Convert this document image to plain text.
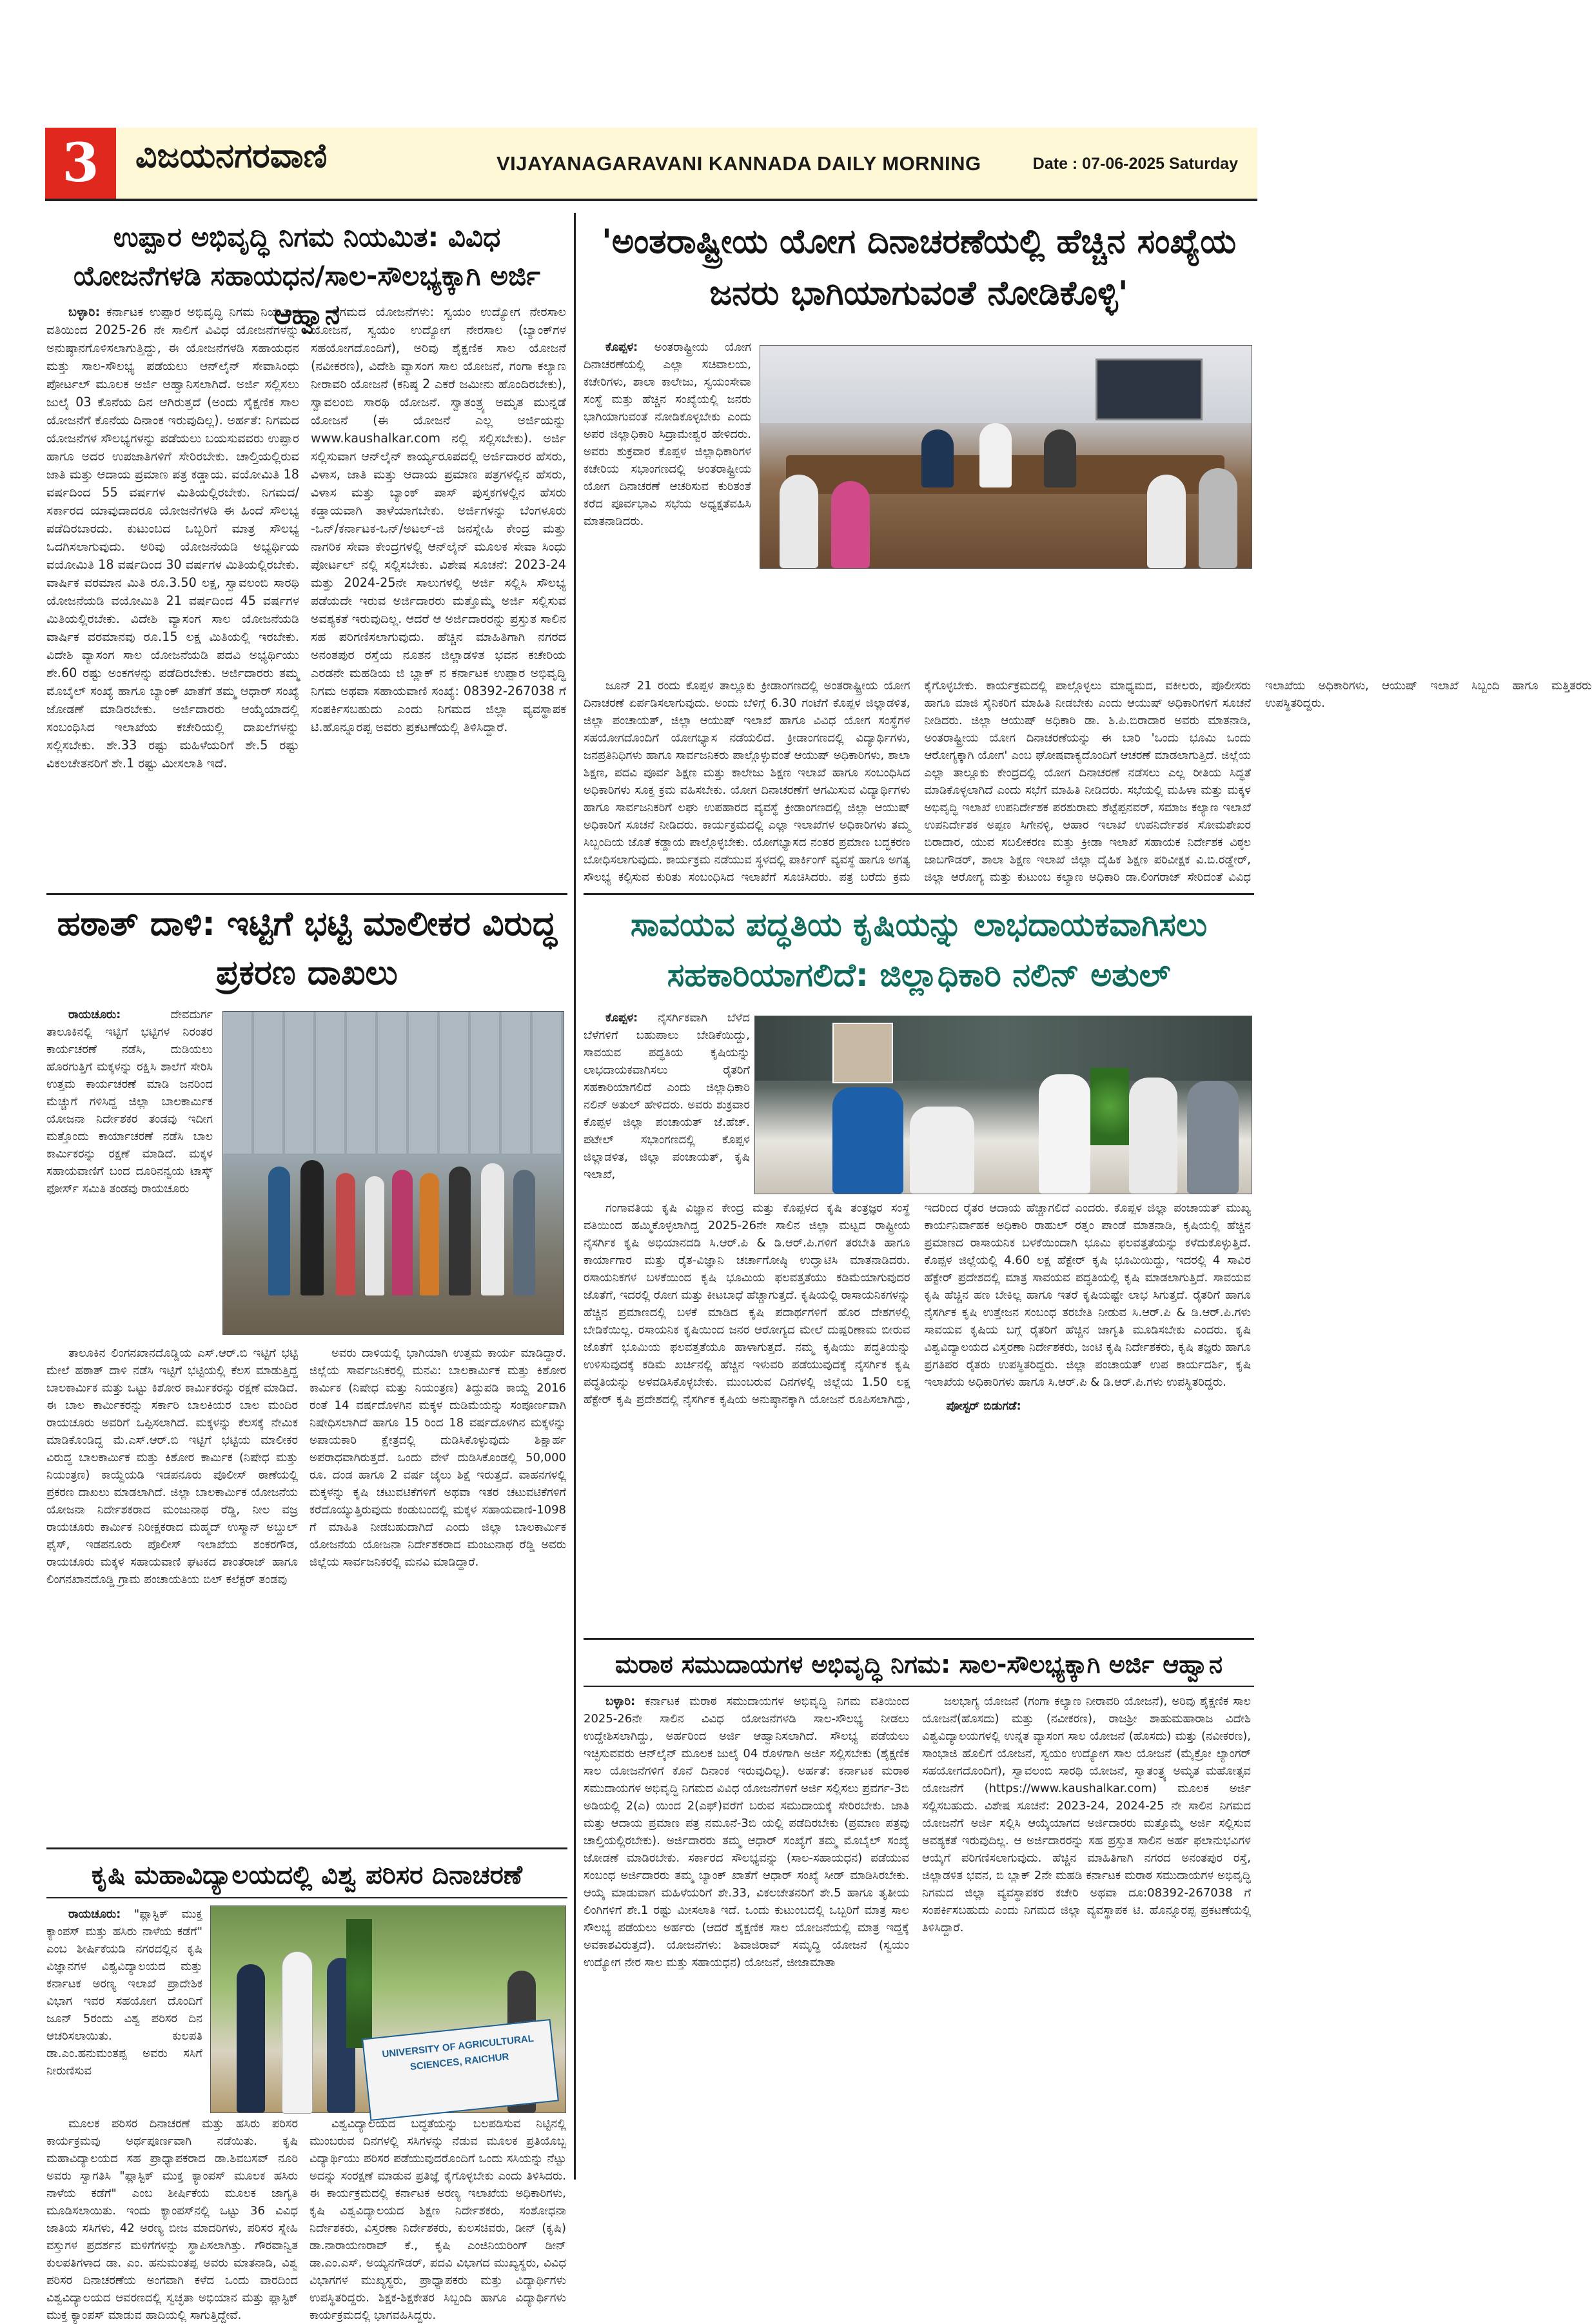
3	ವಿಜಯನಗರವಾಣಿ	VIJAYANAGARAVANI KANNADA DAILY MORNING	Date : 07-06-2025 Saturday
ಉಪ್ಪಾರ ಅಭಿವೃದ್ಧಿ ನಿಗಮ ನಿಯಮಿತ: ವಿವಿಧ ಯೋಜನೆಗಳಡಿ ಸಹಾಯಧನ/ಸಾಲ-ಸೌಲಭ್ಯಕ್ಕಾಗಿ ಅರ್ಜಿ ಆಹ್ವಾನ

ಬಳ್ಳಾರಿ: ಕರ್ನಾಟಕ ಉಪ್ಪಾರ ಅಭಿವೃದ್ಧಿ ನಿಗಮ ನಿಯಮಿತ ವತಿಯಿಂದ 2025-26 ನೇ ಸಾಲಿಗೆ ವಿವಿಧ ಯೋಜನೆಗಳನ್ನು ಅನುಷ್ಠಾನಗೊಳಿಸಲಾಗುತ್ತಿದ್ದು, ಈ ಯೋಜನೆಗಳಡಿ ಸಹಾಯಧನ ಮತ್ತು ಸಾಲ-ಸೌಲಭ್ಯ ಪಡೆಯಲು ಆನ್‌ಲೈನ್ ಸೇವಾಸಿಂಧು ಪೋರ್ಟಲ್ ಮೂಲಕ ಅರ್ಜಿ ಆಹ್ವಾನಿಸಲಾಗಿದೆ. ಅರ್ಜಿ ಸಲ್ಲಿಸಲು ಜುಲೈ 03 ಕೊನೆಯ ದಿನ ಆಗಿರುತ್ತದೆ (ಅಂದು ಸೈಕ್ಷಣಿಕ ಸಾಲ ಯೋಜನೆಗೆ ಕೊನೆಯ ದಿನಾಂಕ ಇರುವುದಿಲ್ಲ). ಅರ್ಹತೆ: ನಿಗಮದ ಯೋಜನೆಗಳ ಸೌಲಭ್ಯಗಳನ್ನು ಪಡೆಯಲು ಬಯಸುವವರು ಉಪ್ಪಾರ ಹಾಗೂ ಅದರ ಉಪಜಾತಿಗಳಿಗೆ ಸೇರಿರಬೇಕು. ಚಾಲ್ತಿಯಲ್ಲಿರುವ ಜಾತಿ ಮತ್ತು ಆದಾಯ ಪ್ರಮಾಣ ಪತ್ರ ಕಡ್ಡಾಯ. ವಯೋಮಿತಿ 18 ವರ್ಷದಿಂದ 55 ವರ್ಷಗಳ ಮಿತಿಯಲ್ಲಿರಬೇಕು. ನಿಗಮದ/ಸರ್ಕಾರದ ಯಾವುದಾದರೂ ಯೋಜನೆಗಳಡಿ ಈ ಹಿಂದೆ ಸೌಲಭ್ಯ ಪಡೆದಿರಬಾರದು. ಕುಟುಂಬದ ಒಬ್ಬರಿಗೆ ಮಾತ್ರ ಸೌಲಭ್ಯ ಒದಗಿಸಲಾಗುವುದು. ಅರಿವು ಯೋಜನೆಯಡಿ ಅಭ್ಯರ್ಥಿಯ ವಯೋಮಿತಿ 18 ವರ್ಷದಿಂದ 30 ವರ್ಷಗಳ ಮಿತಿಯಲ್ಲಿರಬೇಕು. ವಾರ್ಷಿಕ ವರಮಾನ ಮಿತಿ ರೂ.3.50 ಲಕ್ಷ, ಸ್ವಾವಲಂಬಿ ಸಾರಥಿ ಯೋಜನೆಯಡಿ ವಯೋಮಿತಿ 21 ವರ್ಷದಿಂದ 45 ವರ್ಷಗಳ ಮಿತಿಯಲ್ಲಿರಬೇಕು. ವಿದೇಶಿ ವ್ಯಾಸಂಗ ಸಾಲ ಯೋಜನೆಯಡಿ ವಾರ್ಷಿಕ ವರಮಾನವು ರೂ.15 ಲಕ್ಷ ಮಿತಿಯಲ್ಲಿ ಇರಬೇಕು. ವಿದೇಶಿ ವ್ಯಾಸಂಗ ಸಾಲ ಯೋಜನೆಯಡಿ ಪದವಿ ಅಭ್ಯರ್ಥಿಯು ಶೇ.60 ರಷ್ಟು ಅಂಕಗಳನ್ನು ಪಡೆದಿರಬೇಕು. ಅರ್ಜಿದಾರರು ತಮ್ಮ ಮೊಬೈಲ್ ಸಂಖ್ಯೆ ಹಾಗೂ ಬ್ಯಾಂಕ್ ಖಾತೆಗೆ ತಮ್ಮ ಆಧಾರ್ ಸಂಖ್ಯೆ ಜೋಡಣೆ ಮಾಡಿರಬೇಕು. ಅರ್ಜಿದಾರರು ಆಯ್ಕೆಯಾದಲ್ಲಿ ಸಂಬಂಧಿಸಿದ ಇಲಾಖೆಯ ಕಚೇರಿಯಲ್ಲಿ ದಾಖಲೆಗಳನ್ನು ಸಲ್ಲಿಸಬೇಕು. ಶೇ.33 ರಷ್ಟು ಮಹಿಳೆಯರಿಗೆ ಶೇ.5 ರಷ್ಟು ವಿಕಲಚೇತನರಿಗೆ ಶೇ.1 ರಷ್ಟು ಮೀಸಲಾತಿ ಇದೆ.

ನಿಗಮದ ಯೋಜನೆಗಳು: ಸ್ವಯಂ ಉದ್ಯೋಗ ನೇರಸಾಲ ಯೋಜನೆ, ಸ್ವಯಂ ಉದ್ಯೋಗ ನೇರಸಾಲ (ಬ್ಯಾಂಕ್‌ಗಳ ಸಹಯೋಗದೊಂದಿಗೆ), ಅರಿವು ಶೈಕ್ಷಣಿಕ ಸಾಲ ಯೋಜನೆ (ನವೀಕರಣ), ವಿದೇಶಿ ವ್ಯಾಸಂಗ ಸಾಲ ಯೋಜನೆ, ಗಂಗಾ ಕಲ್ಯಾಣ ನೀರಾವರಿ ಯೋಜನೆ (ಕನಿಷ್ಠ 2 ಎಕರೆ ಜಮೀನು ಹೊಂದಿರಬೇಕು), ಸ್ವಾವಲಂಬಿ ಸಾರಥಿ ಯೋಜನೆ. ಸ್ವಾತಂತ್ರ್ಯ ಅಮೃತ ಮುನ್ನಡೆ ಯೋಜನೆ (ಈ ಯೋಜನೆ ಎಲ್ಲ ಅರ್ಜಿಯನ್ನು www.kaushalkar.com ನಲ್ಲಿ ಸಲ್ಲಿಸಬೇಕು). ಅರ್ಜಿ ಸಲ್ಲಿಸುವಾಗ ಆನ್‌ಲೈನ್ ಕಾರ್ಯ್ಯರೂಪದಲ್ಲಿ ಅರ್ಜಿದಾರರ ಹೆಸರು, ವಿಳಾಸ, ಜಾತಿ ಮತ್ತು ಆದಾಯ ಪ್ರಮಾಣ ಪತ್ರಗಳಲ್ಲಿನ ಹೆಸರು, ವಿಳಾಸ ಮತ್ತು ಬ್ಯಾಂಕ್ ಪಾಸ್ ಪುಸ್ತಕಗಳಲ್ಲಿನ ಹೆಸರು ಕಡ್ಡಾಯವಾಗಿ ತಾಳೆಯಾಗಬೇಕು. ಅರ್ಜಿಗಳನ್ನು ಬೆಂಗಳೂರು -ಒನ್/ಕರ್ನಾಟಕ-ಒನ್/ಅಟಲ್-ಜಿ ಜನಸ್ನೇಹಿ ಕೇಂದ್ರ ಮತ್ತು ನಾಗರಿಕ ಸೇವಾ ಕೇಂದ್ರಗಳಲ್ಲಿ ಆನ್‌ಲೈನ್ ಮೂಲಕ ಸೇವಾ ಸಿಂಧು ಪೋರ್ಟಲ್ ನಲ್ಲಿ ಸಲ್ಲಿಸಬೇಕು. ವಿಶೇಷ ಸೂಚನೆ: 2023-24 ಮತ್ತು 2024-25ನೇ ಸಾಲುಗಳಲ್ಲಿ ಅರ್ಜಿ ಸಲ್ಲಿಸಿ ಸೌಲಭ್ಯ ಪಡೆಯದೇ ಇರುವ ಅರ್ಜಿದಾರರು ಮತ್ತೊಮ್ಮೆ ಅರ್ಜಿ ಸಲ್ಲಿಸುವ ಅವಶ್ಯಕತೆ ಇರುವುದಿಲ್ಲ. ಆದರೆ ಆ ಅರ್ಜಿದಾರರನ್ನು ಪ್ರಸ್ತುತ ಸಾಲಿನ ಸಹ ಪರಿಗಣಿಸಲಾಗುವುದು. ಹೆಚ್ಚಿನ ಮಾಹಿತಿಗಾಗಿ ನಗರದ ಅನಂತಪುರ ರಸ್ತೆಯ ನೂತನ ಜಿಲ್ಲಾಡಳಿತ ಭವನ ಕಚೇರಿಯ ಎರಡನೇ ಮಹಡಿಯ ಜಿ ಬ್ಲಾಕ್ ನ ಕರ್ನಾಟಕ ಉಪ್ಪಾರ ಅಭಿವೃದ್ಧಿ ನಿಗಮ ಅಥವಾ ಸಹಾಯವಾಣಿ ಸಂಖ್ಯೆ: 08392-267038 ಗೆ ಸಂಪರ್ಕಿಸಬಹುದು ಎಂದು ನಿಗಮದ ಜಿಲ್ಲಾ ವ್ಯವಸ್ಥಾಪಕ ಟಿ.ಹೊನ್ನೂರಪ್ಪ ಅವರು ಪ್ರಕಟಣೆಯಲ್ಲಿ ತಿಳಿಸಿದ್ದಾರೆ.

ಹಠಾತ್ ದಾಳಿ: ಇಟ್ಟಿಗೆ ಭಟ್ಟಿ ಮಾಲೀಕರ ವಿರುದ್ಧ ಪ್ರಕರಣ ದಾಖಲು

ರಾಯಚೂರು:	ದೇವದುರ್ಗ ತಾಲೂಕಿನಲ್ಲಿ ಇಟ್ಟಿಗೆ ಭಟ್ಟಿಗಳ ನಿರಂತರ ಕಾರ್ಯಚರಣೆ ನಡೆಸಿ, ದುಡಿಯಲು ಹೊರಗುತ್ತಿಗೆ ಮಕ್ಕಳನ್ನು ರಕ್ಷಿಸಿ ಶಾಲೆಗೆ ಸೇರಿಸಿ ಉತ್ತಮ ಕಾರ್ಯಚರಣೆ ಮಾಡಿ ಜನರಿಂದ ಮೆಚ್ಚುಗೆ ಗಳಿಸಿದ್ದ ಜಿಲ್ಲಾ ಬಾಲಕಾರ್ಮಿಕ ಯೋಜನಾ ನಿರ್ದೇಶಕರ ತಂಡವು ಇದೀಗ ಮತ್ತೊಂದು ಕಾರ್ಯಾಚರಣೆ ನಡೆಸಿ ಬಾಲ ಕಾರ್ಮಿಕರನ್ನು ರಕ್ಷಣೆ ಮಾಡಿದೆ. ಮಕ್ಕಳ ಸಹಾಯವಾಣಿಗೆ ಬಂದ ದೂರಿನನ್ವಯ ಟಾಸ್ಕ್ ಫೋರ್ಸ್ ಸಮಿತಿ ತಂಡವು ರಾಯಚೂರು

ತಾಲೂಕಿನ ಲಿಂಗನಖಾನದೊಡ್ಡಿಯ ಎಸ್.ಆರ್.ಬಿ ಇಟ್ಟಿಗೆ ಭಟ್ಟಿ ಮೇಲೆ ಹಠಾತ್ ದಾಳಿ ನಡೆಸಿ ಇಟ್ಟಿಗೆ ಭಟ್ಟಿಯಲ್ಲಿ ಕೆಲಸ ಮಾಡುತ್ತಿದ್ದ ಬಾಲಕಾರ್ಮಿಕ ಮತ್ತು ಒಟ್ಟು ಕಿಶೋರ ಕಾರ್ಮಿಕರನ್ನು ರಕ್ಷಣೆ ಮಾಡಿದೆ. ಈ ಬಾಲ ಕಾರ್ಮಿಕರನ್ನು ಸರ್ಕಾರಿ ಬಾಲಕಿಯರ ಬಾಲ ಮಂದಿರ ರಾಯಚೂರು ಅವರಿಗೆ ಒಪ್ಪಿಸಲಾಗಿದೆ. ಮಕ್ಕಳನ್ನು ಕೆಲಸಕ್ಕೆ ನೇಮಿಕ ಮಾಡಿಕೊಂಡಿದ್ದ ಮೆ.ಎಸ್.ಆರ್.ಬಿ ಇಟ್ಟಿಗೆ ಭಟ್ಟಿಯ ಮಾಲೀಕರ ವಿರುದ್ಧ ಬಾಲಕಾರ್ಮಿಕ ಮತ್ತು ಕಿಶೋರ ಕಾರ್ಮಿಕ (ನಿಷೇಧ ಮತ್ತು ನಿಯಂತ್ರಣ) ಕಾಯ್ದೆಯಡಿ ಇಡಪನೂರು ಪೊಲೀಸ್ ಠಾಣೆಯಲ್ಲಿ ಪ್ರಕರಣ ದಾಖಲು ಮಾಡಲಾಗಿದೆ. ಜಿಲ್ಲಾ ಬಾಲಕಾರ್ಮಿಕ ಯೋಜನೆಯ ಯೋಜನಾ ನಿರ್ದೇಶಕರಾದ ಮಂಜುನಾಥ ರೆಡ್ಡಿ, ನೀಲ ವಜ್ರ ರಾಯಚೂರು ಕಾರ್ಮಿಕ ನಿರೀಕ್ಷಕರಾದ ಮಹ್ಮದ್ ಉಸ್ಮಾನ್ ಅಬ್ದುಲ್ ಫೈಸ್, ಇಡಪನೂರು ಪೊಲೀಸ್ ಇಲಾಖೆಯ ಶಂಕರಗೌಡ, ರಾಯಚೂರು ಮಕ್ಕಳ ಸಹಾಯವಾಣಿ ಘಟಕದ ಶಾಂತರಾಜ್ ಹಾಗೂ ಲಿಂಗನಖಾನದೊಡ್ಡಿ ಗ್ರಾಮ ಪಂಚಾಯತಿಯ ಬಿಲ್ ಕಲೆಕ್ಟರ್ ತಂಡವು

ಅವರು ದಾಳಿಯಲ್ಲಿ ಭಾಗಿಯಾಗಿ ಉತ್ತಮ ಕಾರ್ಯ ಮಾಡಿದ್ದಾರೆ. ಜಿಲ್ಲೆಯ ಸಾರ್ವಜನಿಕರಲ್ಲಿ ಮನವಿ: ಬಾಲಕಾರ್ಮಿಕ ಮತ್ತು ಕಿಶೋರ ಕಾರ್ಮಿಕ (ನಿಷೇಧ ಮತ್ತು ನಿಯಂತ್ರಣ) ತಿದ್ದುಪಡಿ ಕಾಯ್ದೆ 2016 ರಂತೆ 14 ವರ್ಷದೊಳಗಿನ ಮಕ್ಕಳ ದುಡಿಮೆಯನ್ನು ಸಂಪೂರ್ಣವಾಗಿ ನಿಷೇಧಿಸಲಾಗಿದೆ ಹಾಗೂ 15 ರಿಂದ 18 ವರ್ಷದೊಳಗಿನ ಮಕ್ಕಳನ್ನು ಅಪಾಯಕಾರಿ ಕ್ಷೇತ್ರದಲ್ಲಿ ದುಡಿಸಿಕೊಳ್ಳುವುದು ಶಿಕ್ಷಾರ್ಹ ಅಪರಾಧವಾಗಿರುತ್ತದೆ. ಒಂದು ವೇಳೆ ದುಡಿಸಿಕೊಂಡಲ್ಲಿ 50,000 ರೂ. ದಂಡ ಹಾಗೂ 2 ವರ್ಷ ಜೈಲು ಶಿಕ್ಷೆ ಇರುತ್ತದೆ. ವಾಹನಗಳಲ್ಲಿ ಮಕ್ಕಳನ್ನು ಕೃಷಿ ಚಟುವಟಿಕೆಗಳಿಗೆ ಅಥವಾ ಇತರ ಚಟುವಟಿಕೆಗಳಿಗೆ ಕರೆದೊಯ್ಯುತ್ತಿರುವುದು ಕಂಡುಬಂದಲ್ಲಿ ಮಕ್ಕಳ ಸಹಾಯವಾಣಿ-1098 ಗೆ ಮಾಹಿತಿ ನೀಡಬಹುದಾಗಿದೆ ಎಂದು ಜಿಲ್ಲಾ ಬಾಲಕಾರ್ಮಿಕ ಯೋಜನೆಯ ಯೋಜನಾ ನಿರ್ದೇಶಕರಾದ ಮಂಜುನಾಥ ರೆಡ್ಡಿ ಅವರು ಜಿಲ್ಲೆಯ ಸಾರ್ವಜನಿಕರಲ್ಲಿ ಮನವಿ ಮಾಡಿದ್ದಾರೆ.

ಕೃಷಿ ಮಹಾವಿದ್ಯಾಲಯದಲ್ಲಿ ವಿಶ್ವ ಪರಿಸರ ದಿನಾಚರಣೆ

ರಾಯಚೂರು: "ಪ್ಲಾಸ್ಟಿಕ್ ಮುಕ್ತ ಕ್ಯಾಂಪಸ್ ಮತ್ತು ಹಸಿರು ನಾಳೆಯ ಕಡೆಗೆ" ಎಂಬ ಶೀರ್ಷಿಕೆಯಡಿ ನಗರದಲ್ಲಿನ ಕೃಷಿ ವಿಜ್ಞಾನಗಳ ವಿಶ್ವವಿದ್ಯಾಲಯದ ಮತ್ತು ಕರ್ನಾಟಕ ಅರಣ್ಯ ಇಲಾಖೆ ಪ್ರಾದೇಶಿಕ ವಿಭಾಗ ಇವರ ಸಹಯೋಗ ದೊಂದಿಗೆ ಜೂನ್ 5ರಂದು ವಿಶ್ವ ಪರಿಸರ ದಿನ ಆಚರಿಸಲಾಯಿತು. ಕುಲಪತಿ ಡಾ.ಎಂ.ಹನುಮಂತಪ್ಪ ಅವರು ಸಸಿಗೆ ನೀರುಣಿಸುವ

UNIVERSITY OF AGRICULTURAL SCIENCES, RAICHUR

ಮೂಲಕ ಪರಿಸರ ದಿನಾಚರಣೆ ಮತ್ತು ಹಸಿರು ಪರಿಸರ ಕಾರ್ಯಕ್ರಮವು ಅರ್ಥಪೂರ್ಣವಾಗಿ ನಡೆಯಿತು. ಕೃಷಿ ಮಹಾವಿದ್ಯಾಲಯದ ಸಹ ಪ್ರಾಧ್ಯಾಪಕರಾದ ಡಾ.ಶಿವಬಸವ್ ನೂರಿ ಅವರು ಸ್ವಾಗತಿಸಿ "ಪ್ಲಾಸ್ಟಿಕ್ ಮುಕ್ತ ಕ್ಯಾಂಪಸ್ ಮೂಲಕ ಹಸಿರು ನಾಳೆಯ ಕಡೆಗೆ" ಎಂಬ ಶೀರ್ಷಿಕೆಯ ಮೂಲಕ ಜಾಗೃತಿ ಮೂಡಿಸಲಾಯಿತು. ಇಂದು ಕ್ಯಾಂಪಸ್‌ನಲ್ಲಿ ಒಟ್ಟು 36 ವಿವಿಧ ಜಾತಿಯ ಸಸಿಗಳು, 42 ಅರಣ್ಯ ಬೀಜ ಮಾದರಿಗಳು, ಪರಿಸರ ಸ್ನೇಹಿ ವಸ್ತುಗಳ ಪ್ರದರ್ಶನ ಮಳಿಗೆಗಳನ್ನು ಸ್ಥಾಪಿಸಲಾಗಿತ್ತು. ಗೌರವಾನ್ವಿತ ಕುಲಪತಿಗಳಾದ ಡಾ. ಎಂ. ಹನುಮಂತಪ್ಪ ಅವರು ಮಾತನಾಡಿ, ವಿಶ್ವ ಪರಿಸರ ದಿನಾಚರಣೆಯ ಅಂಗವಾಗಿ ಕಳೆದ ಒಂದು ವಾರದಿಂದ ವಿಶ್ವವಿದ್ಯಾಲಯದ ಆವರಣದಲ್ಲಿ ಸ್ವಚ್ಛತಾ ಅಭಿಯಾನ ಮತ್ತು ಪ್ಲಾಸ್ಟಿಕ್ ಮುಕ್ತ ಕ್ಯಾಂಪಸ್ ಮಾಡುವ ಹಾದಿಯಲ್ಲಿ ಸಾಗುತ್ತಿದ್ದೇವೆ.

ವಿಶ್ವವಿದ್ಯಾಲಯದ ಬದ್ಧತೆಯನ್ನು ಬಲಪಡಿಸುವ ನಿಟ್ಟಿನಲ್ಲಿ ಮುಂಬರುವ ದಿನಗಳಲ್ಲಿ ಸಸಿಗಳನ್ನು ನೆಡುವ ಮೂಲಕ ಪ್ರತಿಯೊಬ್ಬ ವಿದ್ಯಾರ್ಥಿಯು ಪರಿಸರ ಪಡೆಯುವುದರೊಂದಿಗೆ ಒಂದು ಸಸಿಯನ್ನು ನೆಟ್ಟು ಅದನ್ನು ಸಂರಕ್ಷಣೆ ಮಾಡುವ ಪ್ರತಿಜ್ಞೆ ಕೈಗೊಳ್ಳಬೇಕು ಎಂದು ತಿಳಿಸಿದರು. ಈ ಕಾರ್ಯಕ್ರಮದಲ್ಲಿ ಕರ್ನಾಟಕ ಅರಣ್ಯ ಇಲಾಖೆಯ ಅಧಿಕಾರಿಗಳು, ಕೃಷಿ ವಿಶ್ವವಿದ್ಯಾಲಯದ ಶಿಕ್ಷಣ ನಿರ್ದೇಶಕರು, ಸಂಶೋಧನಾ ನಿರ್ದೇಶಕರು, ವಿಸ್ತರಣಾ ನಿರ್ದೇಶಕರು, ಕುಲಸಚಿವರು, ಡೀನ್ (ಕೃಷಿ) ಡಾ.ನಾರಾಯಣರಾವ್ ಕೆ., ಕೃಷಿ ಎಂಜಿನಿಯರಿಂಗ್ ಡೀನ್ ಡಾ.ಎಂ.ಎಸ್. ಅಯ್ಯನಗೌಡರ್, ಪದವಿ ವಿಭಾಗದ ಮುಖ್ಯಸ್ಥರು, ವಿವಿಧ ವಿಭಾಗಗಳ ಮುಖ್ಯಸ್ಥರು, ಪ್ರಾಧ್ಯಾಪಕರು ಮತ್ತು ವಿದ್ಯಾರ್ಥಿಗಳು ಉಪಸ್ಥಿತರಿದ್ದರು. ಶಿಕ್ಷಕ-ಶಿಕ್ಷಕೇತರ ಸಿಬ್ಬಂದಿ ಹಾಗೂ ವಿದ್ಯಾರ್ಥಿಗಳು ಕಾರ್ಯಕ್ರಮದಲ್ಲಿ ಭಾಗವಹಿಸಿದ್ದರು.

'ಅಂತರಾಷ್ಟ್ರೀಯ ಯೋಗ ದಿನಾಚರಣೆಯಲ್ಲಿ ಹೆಚ್ಚಿನ ಸಂಖ್ಯೆಯ ಜನರು ಭಾಗಿಯಾಗುವಂತೆ ನೋಡಿಕೊಳ್ಳಿ'

ಕೊಪ್ಪಳ: ಅಂತರಾಷ್ಟ್ರೀಯ ಯೋಗ ದಿನಾಚರಣೆಯಲ್ಲಿ ಎಲ್ಲಾ ಸಚಿವಾಲಯ, ಕಚೇರಿಗಳು, ಶಾಲಾ ಕಾಲೇಜು, ಸ್ವಯಂಸೇವಾ ಸಂಸ್ಥೆ ಮತ್ತು ಹೆಚ್ಚಿನ ಸಂಖ್ಯೆಯಲ್ಲಿ ಜನರು ಭಾಗಿಯಾಗುವಂತೆ ನೋಡಿಕೊಳ್ಳಬೇಕು ಎಂದು ಅಪರ ಜಿಲ್ಲಾಧಿಕಾರಿ ಸಿದ್ರಾಮೇಶ್ವರ ಹೇಳಿದರು. ಅವರು ಶುಕ್ರವಾರ ಕೊಪ್ಪಳ ಜಿಲ್ಲಾಧಿಕಾರಿಗಳ ಕಚೇರಿಯ ಸಭಾಂಗಣದಲ್ಲಿ ಅಂತರಾಷ್ಟ್ರೀಯ ಯೋಗ ದಿನಾಚರಣೆ ಆಚರಿಸುವ ಕುರಿತಂತೆ ಕರೆದ ಪೂರ್ವಭಾವಿ ಸಭೆಯ ಅಧ್ಯಕ್ಷತೆವಹಿಸಿ ಮಾತನಾಡಿದರು.

ಜೂನ್ 21 ರಂದು ಕೊಪ್ಪಳ ತಾಲ್ಲೂಕು ಕ್ರೀಡಾಂಗಣದಲ್ಲಿ ಅಂತರಾಷ್ಟ್ರೀಯ ಯೋಗ ದಿನಾಚರಣೆ ಏರ್ಪಡಿಸಲಾಗುವುದು. ಅಂದು ಬೆಳಿಗ್ಗೆ 6.30 ಗಂಟೆಗೆ ಕೊಪ್ಪಳ ಜಿಲ್ಲಾಡಳಿತ, ಜಿಲ್ಲಾ ಪಂಚಾಯತ್, ಜಿಲ್ಲಾ ಆಯುಷ್ ಇಲಾಖೆ ಹಾಗೂ ವಿವಿಧ ಯೋಗ ಸಂಸ್ಥೆಗಳ ಸಹಯೋಗದೊಂದಿಗೆ ಯೋಗಭ್ಯಾಸ ನಡೆಯಲಿದೆ. ಕ್ರೀಡಾಂಗಣದಲ್ಲಿ ವಿದ್ಯಾರ್ಥಿಗಳು, ಜನಪ್ರತಿನಿಧಿಗಳು ಹಾಗೂ ಸಾರ್ವಜನಿಕರು ಪಾಲ್ಗೊಳ್ಳುವಂತೆ ಆಯುಷ್ ಅಧಿಕಾರಿಗಳು, ಶಾಲಾ ಶಿಕ್ಷಣ, ಪದವಿ ಪೂರ್ವ ಶಿಕ್ಷಣ ಮತ್ತು ಕಾಲೇಜು ಶಿಕ್ಷಣ ಇಲಾಖೆ ಹಾಗೂ ಸಂಬಂಧಿಸಿದ ಅಧಿಕಾರಿಗಳು ಸೂಕ್ತ ಕ್ರಮ ವಹಿಸಬೇಕು. ಯೋಗ ದಿನಾಚರಣೆಗೆ ಆಗಮಿಸುವ ವಿದ್ಯಾರ್ಥಿಗಳು ಹಾಗೂ ಸಾರ್ವಜನಿಕರಿಗೆ ಲಘು ಉಪಹಾರದ ವ್ಯವಸ್ಥೆ ಕ್ರೀಡಾಂಗಣದಲ್ಲಿ ಜಿಲ್ಲಾ ಆಯುಷ್ ಅಧಿಕಾರಿಗೆ ಸೂಚನೆ ನೀಡಿದರು. ಕಾರ್ಯಕ್ರಮದಲ್ಲಿ ಎಲ್ಲಾ ಇಲಾಖೆಗಳ ಅಧಿಕಾರಿಗಳು ತಮ್ಮ ಸಿಬ್ಬಂದಿಯ ಜೊತೆ ಕಡ್ಡಾಯ ಪಾಲ್ಗೊಳ್ಳಬೇಕು. ಯೋಗಭ್ಯಾಸದ ನಂತರ ಪ್ರಮಾಣ ಬದ್ಧಕರಣ ಬೋಧಿಸಲಾಗುವುದು. ಕಾರ್ಯಕ್ರಮ ನಡೆಯುವ ಸ್ಥಳದಲ್ಲಿ ಪಾರ್ಕಿಂಗ್ ವ್ಯವಸ್ಥೆ ಹಾಗೂ ಅಗತ್ಯ ಸೌಲಭ್ಯ ಕಲ್ಪಿಸುವ ಕುರಿತು ಸಂಬಂಧಿಸಿದ ಇಲಾಖೆಗೆ ಸೂಚಿಸಿದರು. ಪತ್ರ ಬರೆದು ಕ್ರಮ ಕೈಗೊಳ್ಳಬೇಕು. ಕಾರ್ಯಕ್ರಮದಲ್ಲಿ ಪಾಲ್ಗೊಳ್ಳಲು ಮಾಧ್ಯಮದ, ವಕೀಲರು, ಪೊಲೀಸರು ಹಾಗೂ ಮಾಜಿ ಸೈನಿಕರಿಗೆ ಮಾಹಿತಿ ನೀಡಬೇಕು ಎಂದು ಆಯುಷ್ ಅಧಿಕಾರಿಗಳಿಗೆ ಸೂಚನೆ ನೀಡಿದರು. ಜಿಲ್ಲಾ ಆಯುಷ್ ಅಧಿಕಾರಿ ಡಾ. ಶಿ.ಪಿ.ಬಿರಾದಾರ ಅವರು ಮಾತನಾಡಿ, ಅಂತರಾಷ್ಟ್ರೀಯ ಯೋಗ ದಿನಾಚರಣೆಯನ್ನು ಈ ಬಾರಿ 'ಒಂದು ಭೂಮಿ ಒಂದು ಆರೋಗ್ಯಕ್ಕಾಗಿ ಯೋಗ' ಎಂಬ ಘೋಷವಾಕ್ಯದೊಂದಿಗೆ ಆಚರಣೆ ಮಾಡಲಾಗುತ್ತಿದೆ. ಜಿಲ್ಲೆಯ ಎಲ್ಲಾ ತಾಲ್ಲೂಕು ಕೇಂದ್ರದಲ್ಲಿ ಯೋಗ ದಿನಾಚರಣೆ ನಡೆಸಲು ಎಲ್ಲ ರೀತಿಯ ಸಿದ್ಧತೆ ಮಾಡಿಕೊಳ್ಳಲಾಗಿದೆ ಎಂದು ಸಭೆಗೆ ಮಾಹಿತಿ ನೀಡಿದರು. ಸಭೆಯಲ್ಲಿ ಮಹಿಳಾ ಮತ್ತು ಮಕ್ಕಳ ಅಭಿವೃದ್ಧಿ ಇಲಾಖೆ ಉಪನಿರ್ದೇಶಕ ಪರಶುರಾಮ ಶೆಟ್ಟೆಪ್ಪನವರ್, ಸಮಾಜ ಕಲ್ಯಾಣ ಇಲಾಖೆ ಉಪನಿರ್ದೇಶಕ ಅಪ್ಪಣ ಸಿಗೇನಳ್ಳಿ, ಆಹಾರ ಇಲಾಖೆ ಉಪನಿರ್ದೇಶಕ ಸೋಮಶೇಖರ ಬಿರಾದಾರ, ಯುವ ಸಬಲೀಕರಣ ಮತ್ತು ಕ್ರೀಡಾ ಇಲಾಖೆ ಸಹಾಯಕ ನಿರ್ದೇಶಕ ವಿಠ್ಠಲ ಜಾಬಗೌಡರ್, ಶಾಲಾ ಶಿಕ್ಷಣ ಇಲಾಖೆ ಜಿಲ್ಲಾ ದೈಹಿಕ ಶಿಕ್ಷಣ ಪರಿವೀಕ್ಷಕ ವಿ.ಬಿ.ರಡ್ಡೇರ್, ಜಿಲ್ಲಾ ಆರೋಗ್ಯ ಮತ್ತು ಕುಟುಂಬ ಕಲ್ಯಾಣ ಅಧಿಕಾರಿ ಡಾ.ಲಿಂಗರಾಜ್ ಸೇರಿದಂತೆ ವಿವಿಧ ಇಲಾಖೆಯ ಅಧಿಕಾರಿಗಳು, ಆಯುಷ್ ಇಲಾಖೆ ಸಿಬ್ಬಂದಿ ಹಾಗೂ ಮತ್ತಿತರರು ಉಪಸ್ಥಿತರಿದ್ದರು.

ಸಾವಯವ ಪದ್ಧತಿಯ ಕೃಷಿಯನ್ನು ಲಾಭದಾಯಕವಾಗಿಸಲು ಸಹಕಾರಿಯಾಗಲಿದೆ: ಜಿಲ್ಲಾಧಿಕಾರಿ ನಲಿನ್ ಅತುಲ್

ಕೊಪ್ಪಳ: ನೈಸರ್ಗಿಕವಾಗಿ ಬೆಳೆದ ಬೆಳೆಗಳಿಗೆ ಬಹುಪಾಲು ಬೇಡಿಕೆಯಿದ್ದು, ಸಾವಯವ ಪದ್ಧತಿಯ ಕೃಷಿಯನ್ನು ಲಾಭದಾಯಕವಾಗಿಸಲು ರೈತರಿಗೆ ಸಹಕಾರಿಯಾಗಲಿದೆ ಎಂದು ಜಿಲ್ಲಾಧಿಕಾರಿ ನಲಿನ್ ಅತುಲ್ ಹೇಳಿದರು. ಅವರು ಶುಕ್ರವಾರ ಕೊಪ್ಪಳ ಜಿಲ್ಲಾ ಪಂಚಾಯತ್ ಜೆ.ಹೆಚ್. ಪಟೇಲ್ ಸಭಾಂಗಣದಲ್ಲಿ ಕೊಪ್ಪಳ ಜಿಲ್ಲಾಡಳಿತ, ಜಿಲ್ಲಾ ಪಂಚಾಯತ್, ಕೃಷಿ ಇಲಾಖೆ,

ಗಂಗಾವತಿಯ ಕೃಷಿ ವಿಜ್ಞಾನ ಕೇಂದ್ರ ಮತ್ತು ಕೊಪ್ಪಳದ ಕೃಷಿ ತಂತ್ರಜ್ಞರ ಸಂಸ್ಥೆ ವತಿಯಿಂದ ಹಮ್ಮಿಕೊಳ್ಳಲಾಗಿದ್ದ 2025-26ನೇ ಸಾಲಿನ ಜಿಲ್ಲಾ ಮಟ್ಟದ ರಾಷ್ಟ್ರೀಯ ನೈಸರ್ಗಿಕ ಕೃಷಿ ಅಭಿಯಾನದಡಿ ಸಿ.ಆರ್.ಪಿ & ಡಿ.ಆರ್.ಪಿ.ಗಳಿಗೆ ತರಬೇತಿ ಹಾಗೂ ಕಾರ್ಯಾಗಾರ ಮತ್ತು ರೈತ-ವಿಜ್ಞಾನಿ ಚರ್ಚಾಗೋಷ್ಠಿ ಉದ್ಘಾಟಿಸಿ ಮಾತನಾಡಿದರು. ರಸಾಯನಿಕಗಳ ಬಳಕೆಯಿಂದ ಕೃಷಿ ಭೂಮಿಯ ಫಲವತ್ತತೆಯು ಕಡಿಮೆಯಾಗುವುದರ ಜೊತೆಗೆ, ಇದರಲ್ಲಿ ರೋಗ ಮತ್ತು ಕೀಟಬಾಧೆ ಹೆಚ್ಚಾಗುತ್ತದೆ. ಕೃಷಿಯಲ್ಲಿ ರಾಸಾಯನಿಕಗಳನ್ನು ಹೆಚ್ಚಿನ ಪ್ರಮಾಣದಲ್ಲಿ ಬಳಕೆ ಮಾಡಿದ ಕೃಷಿ ಪದಾರ್ಥಗಳಿಗೆ ಹೊರ ದೇಶಗಳಲ್ಲಿ ಬೇಡಿಕೆಯಿಲ್ಲ. ರಸಾಯನಿಕ ಕೃಷಿಯಿಂದ ಜನರ ಆರೋಗ್ಯದ ಮೇಲೆ ದುಷ್ಪರಿಣಾಮ ಬೀರುವ ಜೊತೆಗೆ ಭೂಮಿಯ ಫಲವತ್ತತೆಯೂ ಹಾಳಾಗುತ್ತದೆ. ನಮ್ಮ ಕೃಷಿಯು ಪದ್ಧತಿಯನ್ನು ಉಳಿಸುವುದಕ್ಕೆ ಕಡಿಮೆ ಖರ್ಚಿನಲ್ಲಿ ಹೆಚ್ಚಿನ ಇಳುವರಿ ಪಡೆಯುವುದಕ್ಕೆ ನೈಸರ್ಗಿಕ ಕೃಷಿ ಪದ್ಧತಿಯನ್ನು ಅಳವಡಿಸಿಕೊಳ್ಳಬೇಕು. ಮುಂಬರುವ ದಿನಗಳಲ್ಲಿ ಜಿಲ್ಲೆಯ 1.50 ಲಕ್ಷ ಹೆಕ್ಟೇರ್ ಕೃಷಿ ಪ್ರದೇಶದಲ್ಲಿ ನೈಸರ್ಗಿಕ ಕೃಷಿಯ ಅನುಷ್ಠಾನಕ್ಕಾಗಿ ಯೋಜನೆ ರೂಪಿಸಲಾಗಿದ್ದು, ಇದರಿಂದ ರೈತರ ಆದಾಯ ಹೆಚ್ಚಾಗಲಿದೆ ಎಂದರು. ಕೊಪ್ಪಳ ಜಿಲ್ಲಾ ಪಂಚಾಯತ್ ಮುಖ್ಯ ಕಾರ್ಯನಿರ್ವಾಹಕ ಅಧಿಕಾರಿ ರಾಹುಲ್ ರತ್ನಂ ಪಾಂಡೆ ಮಾತನಾಡಿ, ಕೃಷಿಯಲ್ಲಿ ಹೆಚ್ಚಿನ ಪ್ರಮಾಣದ ರಾಸಾಯನಿಕ ಬಳಕೆಯಿಂದಾಗಿ ಭೂಮಿ ಫಲವತ್ತತೆಯನ್ನು ಕಳೆದುಕೊಳ್ಳುತ್ತಿದೆ. ಕೊಪ್ಪಳ ಜಿಲ್ಲೆಯಲ್ಲಿ 4.60 ಲಕ್ಷ ಹೆಕ್ಟೇರ್ ಕೃಷಿ ಭೂಮಿಯಿದ್ದು, ಇದರಲ್ಲಿ 4 ಸಾವಿರ ಹೆಕ್ಟೇರ್ ಪ್ರದೇಶದಲ್ಲಿ ಮಾತ್ರ ಸಾವಯವ ಪದ್ಧತಿಯಲ್ಲಿ ಕೃಷಿ ಮಾಡಲಾಗುತ್ತಿದೆ. ಸಾವಯವ ಕೃಷಿ ಹೆಚ್ಚಿನ ಹಣ ಬೇಕಿಲ್ಲ ಹಾಗೂ ಇತರೆ ಕೃಷಿಯಷ್ಟೇ ಲಾಭ ಸಿಗುತ್ತದೆ. ರೈತರಿಗೆ ಹಾಗೂ ನೈಸರ್ಗಿಕ ಕೃಷಿ ಉತ್ತೇಜನ ಸಂಬಂಧ ತರಬೇತಿ ನೀಡುವ ಸಿ.ಆರ್.ಪಿ & ಡಿ.ಆರ್.ಪಿ.ಗಳು ಸಾವಯವ ಕೃಷಿಯ ಬಗ್ಗೆ ರೈತರಿಗೆ ಹೆಚ್ಚಿನ ಜಾಗೃತಿ ಮೂಡಿಸಬೇಕು ಎಂದರು. ಕೃಷಿ ವಿಶ್ವವಿದ್ಯಾಲಯದ ವಿಸ್ತರಣಾ ನಿರ್ದೇಶಕರು, ಜಂಟಿ ಕೃಷಿ ನಿರ್ದೇಶಕರು, ಕೃಷಿ ತಜ್ಞರು ಹಾಗೂ ಪ್ರಗತಿಪರ ರೈತರು ಉಪಸ್ಥಿತರಿದ್ದರು. ಜಿಲ್ಲಾ ಪಂಚಾಯತ್ ಉಪ ಕಾರ್ಯದರ್ಶಿ, ಕೃಷಿ ಇಲಾಖೆಯ ಅಧಿಕಾರಿಗಳು ಹಾಗೂ ಸಿ.ಆರ್.ಪಿ & ಡಿ.ಆರ್.ಪಿ.ಗಳು ಉಪಸ್ಥಿತರಿದ್ದರು.

ಪೋಸ್ಟರ್ ಬಿಡುಗಡೆ:

ಮರಾಠ ಸಮುದಾಯಗಳ ಅಭಿವೃದ್ಧಿ ನಿಗಮ: ಸಾಲ-ಸೌಲಭ್ಯಕ್ಕಾಗಿ ಅರ್ಜಿ ಆಹ್ವಾನ

ಬಳ್ಳಾರಿ: ಕರ್ನಾಟಕ ಮರಾಠ ಸಮುದಾಯಗಳ ಅಭಿವೃದ್ಧಿ ನಿಗಮ ವತಿಯಿಂದ 2025-26ನೇ ಸಾಲಿನ ವಿವಿಧ ಯೋಜನೆಗಳಡಿ ಸಾಲ-ಸೌಲಭ್ಯ ನೀಡಲು ಉದ್ದೇಶಿಸಲಾಗಿದ್ದು, ಅರ್ಹರಿಂದ ಅರ್ಜಿ ಆಹ್ವಾನಿಸಲಾಗಿದೆ. ಸೌಲಭ್ಯ ಪಡೆಯಲು ಇಚ್ಛಿಸುವವರು ಆನ್‌ಲೈನ್ ಮೂಲಕ ಜುಲೈ 04 ರೊಳಗಾಗಿ ಅರ್ಜಿ ಸಲ್ಲಿಸಬೇಕು (ಶೈಕ್ಷಣಿಕ ಸಾಲ ಯೋಜನೆಗಳಿಗೆ ಕೊನೆ ದಿನಾಂಕ ಇರುವುದಿಲ್ಲ). ಅರ್ಹತೆ: ಕರ್ನಾಟಕ ಮರಾಠ ಸಮುದಾಯಗಳ ಅಭಿವೃದ್ಧಿ ನಿಗಮದ ವಿವಿಧ ಯೋಜನೆಗಳಿಗೆ ಅರ್ಜಿ ಸಲ್ಲಿಸಲು ಪ್ರವರ್ಗ-3ಬಿ ಅಡಿಯಲ್ಲಿ 2(ಎ) ಯಿಂದ 2(ಎಫ್)ವರೆಗೆ ಬರುವ ಸಮುದಾಯಕ್ಕೆ ಸೇರಿರಬೇಕು. ಜಾತಿ ಮತ್ತು ಆದಾಯ ಪ್ರಮಾಣ ಪತ್ರ ನಮೂನೆ-3ಬಿ ಯಲ್ಲಿ ಪಡೆದಿರಬೇಕು (ಪ್ರಮಾಣ ಪತ್ರವು ಚಾಲ್ತಿಯಲ್ಲಿರಬೇಕು). ಅರ್ಜಿದಾರರು ತಮ್ಮ ಆಧಾರ್ ಸಂಖ್ಯೆಗೆ ತಮ್ಮ ಮೊಬೈಲ್ ಸಂಖ್ಯೆ ಜೋಡಣೆ ಮಾಡಿರಬೇಕು. ಸರ್ಕಾರದ ಸೌಲಭ್ಯವನ್ನು (ಸಾಲ-ಸಹಾಯಧನ) ಪಡೆಯುವ ಸಂಬಂಧ ಅರ್ಜಿದಾರರು ತಮ್ಮ ಬ್ಯಾಂಕ್ ಖಾತೆಗೆ ಆಧಾರ್ ಸಂಖ್ಯೆ ಸೀಡ್ ಮಾಡಿಸಿರಬೇಕು. ಆಯ್ಕೆ ಮಾಡುವಾಗ ಮಹಿಳೆಯರಿಗೆ ಶೇ.33, ವಿಕಲಚೇತನರಿಗೆ ಶೇ.5 ಹಾಗೂ ತೃತೀಯ ಲಿಂಗಿಗಳಿಗೆ ಶೇ.1 ರಷ್ಟು ಮೀಸಲಾತಿ ಇದೆ. ಒಂದು ಕುಟುಂಬದಲ್ಲಿ ಒಬ್ಬರಿಗೆ ಮಾತ್ರ ಸಾಲ ಸೌಲಭ್ಯ ಪಡೆಯಲು ಅರ್ಹರು (ಆದರೆ ಶೈಕ್ಷಣಿಕ ಸಾಲ ಯೋಜನೆಯಲ್ಲಿ ಮಾತ್ರ ಇದ್ದಕ್ಕೆ ಅವಕಾಶವಿರುತ್ತದೆ). ಯೋಜನೆಗಳು: ಶಿವಾಜಿರಾವ್ ಸಮೃದ್ಧಿ ಯೋಜನೆ (ಸ್ವಯಂ ಉದ್ಯೋಗ ನೇರ ಸಾಲ ಮತ್ತು ಸಹಾಯಧನ) ಯೋಜನೆ, ಜೀಜಾಮಾತಾ

ಜಲಭಾಗ್ಯ ಯೋಜನೆ (ಗಂಗಾ ಕಲ್ಯಾಣ ನೀರಾವರಿ ಯೋಜನೆ), ಅರಿವು ಶೈಕ್ಷಣಿಕ ಸಾಲ ಯೋಜನೆ(ಹೊಸದು) ಮತ್ತು (ನವೀಕರಣ), ರಾಜಶ್ರೀ ಶಾಹುಮಹಾರಾಜ ವಿದೇಶಿ ವಿಶ್ವವಿದ್ಯಾಲಯಗಳಲ್ಲಿ ಉನ್ನತ ವ್ಯಾಸಂಗ ಸಾಲ ಯೋಜನೆ (ಹೊಸದು) ಮತ್ತು (ನವೀಕರಣ), ಸಾಂಭಾಜಿ ಹೊಲಿಗೆ ಯೋಜನೆ, ಸ್ವಯಂ ಉದ್ಯೋಗ ಸಾಲ ಯೋಜನೆ (ಮೈಕ್ರೋ ಲ್ಯಾಂಗರ್ ಸಹಯೋಗದೊಂದಿಗೆ), ಸ್ವಾವಲಂಬಿ ಸಾರಥಿ ಯೋಜನೆ, ಸ್ವಾತಂತ್ರ್ಯ ಅಮೃತ ಮಹೋತ್ಸವ ಯೋಜನೆಗೆ (https://www.kaushalkar.com) ಮೂಲಕ ಅರ್ಜಿ ಸಲ್ಲಿಸಬಹುದು. ವಿಶೇಷ ಸೂಚನೆ: 2023-24, 2024-25 ನೇ ಸಾಲಿನ ನಿಗಮದ ಯೋಜನೆಗೆ ಅರ್ಜಿ ಸಲ್ಲಿಸಿ ಆಯ್ಕೆಯಾಗದ ಅರ್ಜಿದಾರರು ಮತ್ತೊಮ್ಮೆ ಅರ್ಜಿ ಸಲ್ಲಿಸುವ ಅವಶ್ಯಕತೆ ಇರುವುದಿಲ್ಲ. ಆ ಅರ್ಜಿದಾರರನ್ನು ಸಹ ಪ್ರಸ್ತುತ ಸಾಲಿನ ಅರ್ಹ ಫಲಾನುಭವಿಗಳ ಆಯ್ಕೆಗೆ ಪರಿಗಣಿಸಲಾಗುವುದು. ಹೆಚ್ಚಿನ ಮಾಹಿತಿಗಾಗಿ ನಗರದ ಅನಂತಪುರ ರಸ್ತೆ, ಜಿಲ್ಲಾಡಳಿತ ಭವನ, ಬಿ ಬ್ಲಾಕ್ 2ನೇ ಮಹಡಿ ಕರ್ನಾಟಕ ಮರಾಠ ಸಮುದಾಯಗಳ ಅಭಿವೃದ್ಧಿ ನಿಗಮದ ಜಿಲ್ಲಾ ವ್ಯವಸ್ಥಾಪಕರ ಕಚೇರಿ ಅಥವಾ ದೂ:08392-267038 ಗೆ ಸಂಪರ್ಕಿಸಬಹುದು ಎಂದು ನಿಗಮದ ಜಿಲ್ಲಾ ವ್ಯವಸ್ಥಾಪಕ ಟಿ. ಹೊನ್ನೂರಪ್ಪ ಪ್ರಕಟಣೆಯಲ್ಲಿ ತಿಳಿಸಿದ್ದಾರೆ.
